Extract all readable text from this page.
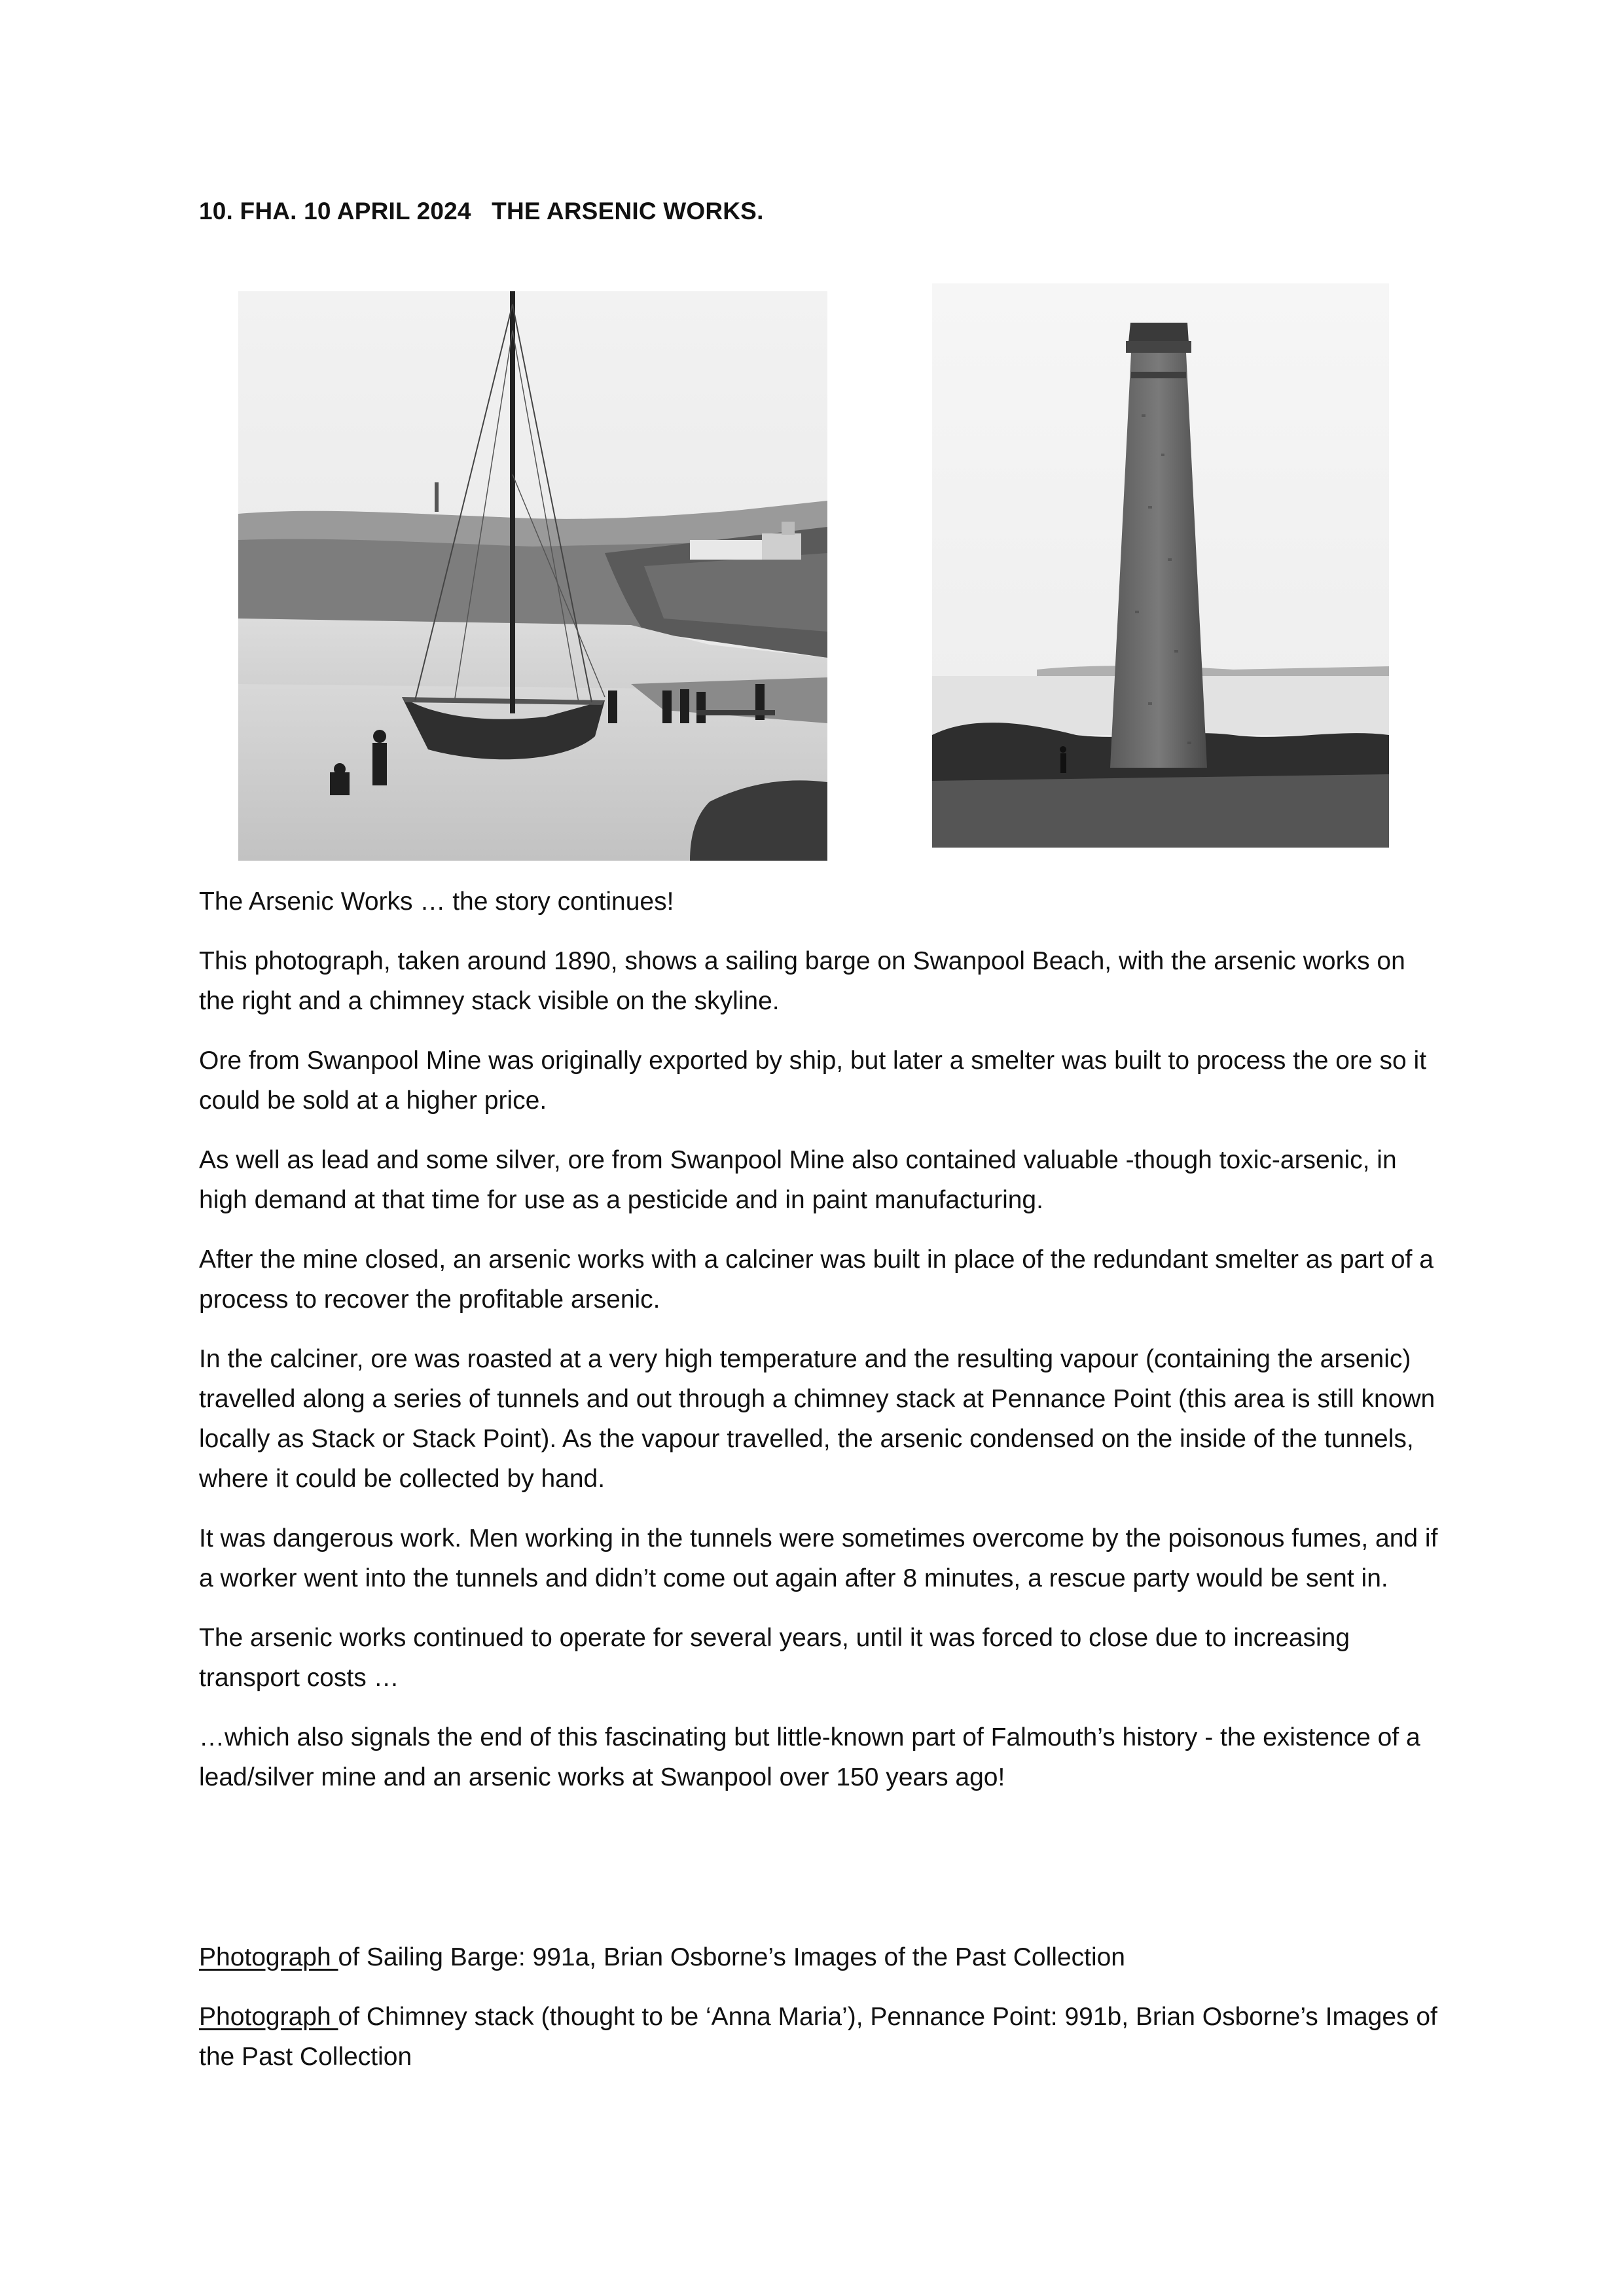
10. FHA. 10 APRIL 2024   THE ARSENIC WORKS.

The Arsenic Works … the story continues!

This photograph, taken around 1890, shows a sailing barge on Swanpool Beach, with the arsenic works on the right and a chimney stack visible on the skyline.

Ore from Swanpool Mine was originally exported by ship, but later a smelter was built to process the ore so it could be sold at a higher price.

As well as lead and some silver, ore from Swanpool Mine also contained valuable -though toxic-arsenic, in high demand at that time for use as a pesticide and in paint manufacturing.

After the mine closed, an arsenic works with a calciner was built in place of the redundant smelter as part of a process to recover the profitable arsenic.

In the calciner, ore was roasted at a very high temperature and the resulting vapour (containing the arsenic) travelled along a series of tunnels and out through a chimney stack at Pennance Point (this area is still known locally as Stack or Stack Point). As the vapour travelled, the arsenic condensed on the inside of the tunnels, where it could be collected by hand.

It was dangerous work. Men working in the tunnels were sometimes overcome by the poisonous fumes, and if a worker went into the tunnels and didn’t come out again after 8 minutes, a rescue party would be sent in.

The arsenic works continued to operate for several years, until it was forced to close due to increasing transport costs …

…which also signals the end of this fascinating but little-known part of Falmouth’s history - the existence of a lead/silver mine and an arsenic works at Swanpool over 150 years ago!

Photograph of Sailing Barge: 991a, Brian Osborne’s Images of the Past Collection

Photograph of Chimney stack (thought to be ‘Anna Maria’), Pennance Point: 991b, Brian Osborne’s Images of the Past Collection
